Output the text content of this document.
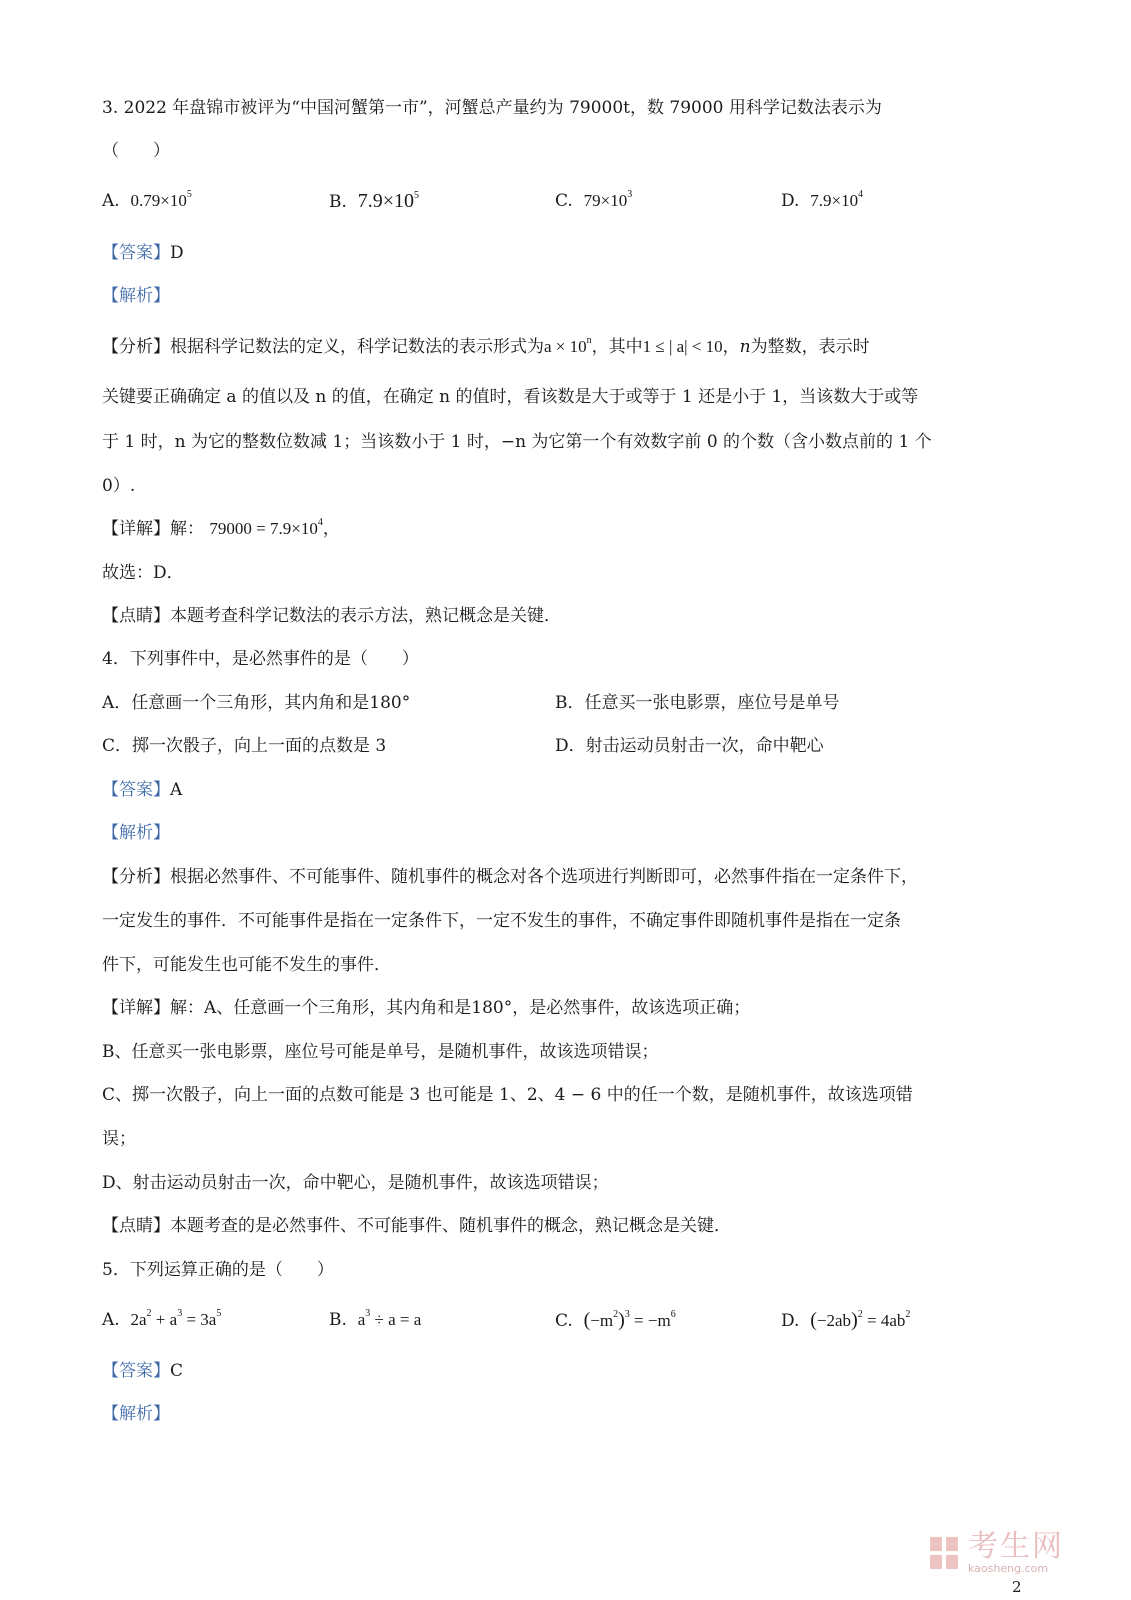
3. 2022 年盘锦市被评为“中国河蟹第一市”，河蟹总产量约为 79000t，数 79000 用科学记数法表示为
（　　）
A. $0.79\times 10^5$	B. $7.9\times 10^5$	C. $79\times 10^3$	D. $7.9\times 10^4$
【答案】D
【解析】
【分析】根据科学记数法的定义，科学记数法的表示形式为$a \times 10^n$，其中1 ≤ | a| < 10，n为整数，表示时
关键要正确确定 a 的值以及 n 的值，在确定 n 的值时，看该数是大于或等于 1 还是小于 1，当该数大于或等
于 1 时，n 为它的整数位数减 1；当该数小于 1 时，−n 为它第一个有效数字前 0 的个数（含小数点前的 1 个
0）.
【详解】解： $79000 = 7.9\times 10^4$，
故选：D．
【点睛】本题考查科学记数法的表示方法，熟记概念是关键．
4．下列事件中，是必然事件的是（　　）
A．任意画一个三角形，其内角和是180°	B．任意买一张电影票，座位号是单号
C．掷一次骰子，向上一面的点数是 3	D．射击运动员射击一次，命中靶心
【答案】A
【解析】
【分析】根据必然事件、不可能事件、随机事件的概念对各个选项进行判断即可，必然事件指在一定条件下，
一定发生的事件．不可能事件是指在一定条件下，一定不发生的事件，不确定事件即随机事件是指在一定条
件下，可能发生也可能不发生的事件．
【详解】解：A、任意画一个三角形，其内角和是180°，是必然事件，故该选项正确；
B、任意买一张电影票，座位号可能是单号，是随机事件，故该选项错误；
C、掷一次骰子，向上一面的点数可能是 3 也可能是 1、2、4 − 6 中的任一个数，是随机事件，故该选项错
误；
D、射击运动员射击一次，命中靶心，是随机事件，故该选项错误；
【点睛】本题考查的是必然事件、不可能事件、随机事件的概念，熟记概念是关键．
5．下列运算正确的是（　　）
A. $2a^2 + a^3 = 3a^5$	B. $a^3 \div a = a$	C. $(-m^2)^3 = -m^6$	D. $(-2ab)^2 = 4ab^2$
【答案】C
【解析】
考生网
kaosheng.com
2
